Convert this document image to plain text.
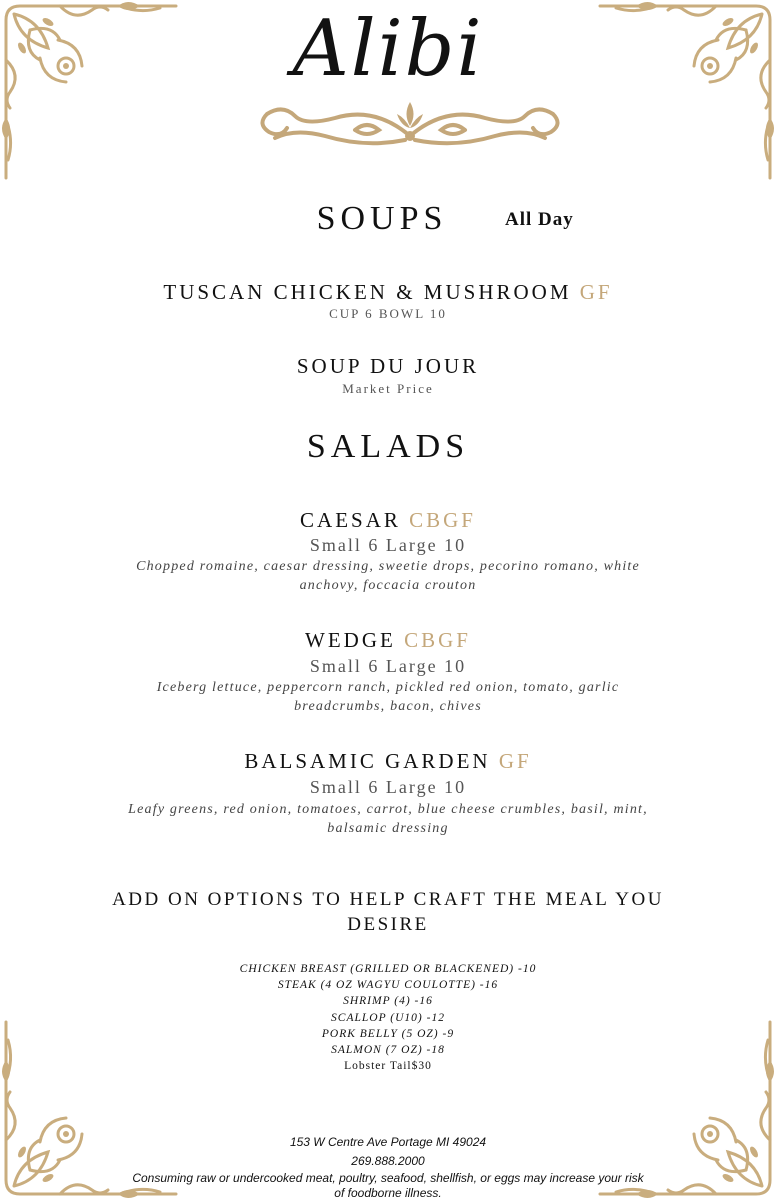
Alibi
SOUPS	All Day
TUSCAN CHICKEN & MUSHROOM GF
CUP 6 BOWL 10
SOUP DU JOUR
Market Price
SALADS
CAESAR CBGF
Small 6 Large 10
Chopped romaine, caesar dressing, sweetie drops, pecorino romano, white anchovy, foccacia crouton
WEDGE CBGF
Small 6 Large 10
Iceberg lettuce, peppercorn ranch, pickled red onion, tomato, garlic breadcrumbs, bacon, chives
BALSAMIC GARDEN GF
Small 6 Large 10
Leafy greens, red onion, tomatoes, carrot, blue cheese crumbles, basil, mint, balsamic dressing
ADD ON OPTIONS TO HELP CRAFT THE MEAL YOU DESIRE
CHICKEN BREAST (GRILLED OR BLACKENED) -10
STEAK (4 OZ WAGYU COULOTTE) -16
SHRIMP (4) -16
SCALLOP (U10) -12
PORK BELLY (5 OZ) -9
SALMON (7 OZ) -18
Lobster Tail$30
153 W Centre Ave Portage MI 49024
269.888.2000
Consuming raw or undercooked meat, poultry, seafood, shellfish, or eggs may increase your risk of foodborne illness.
